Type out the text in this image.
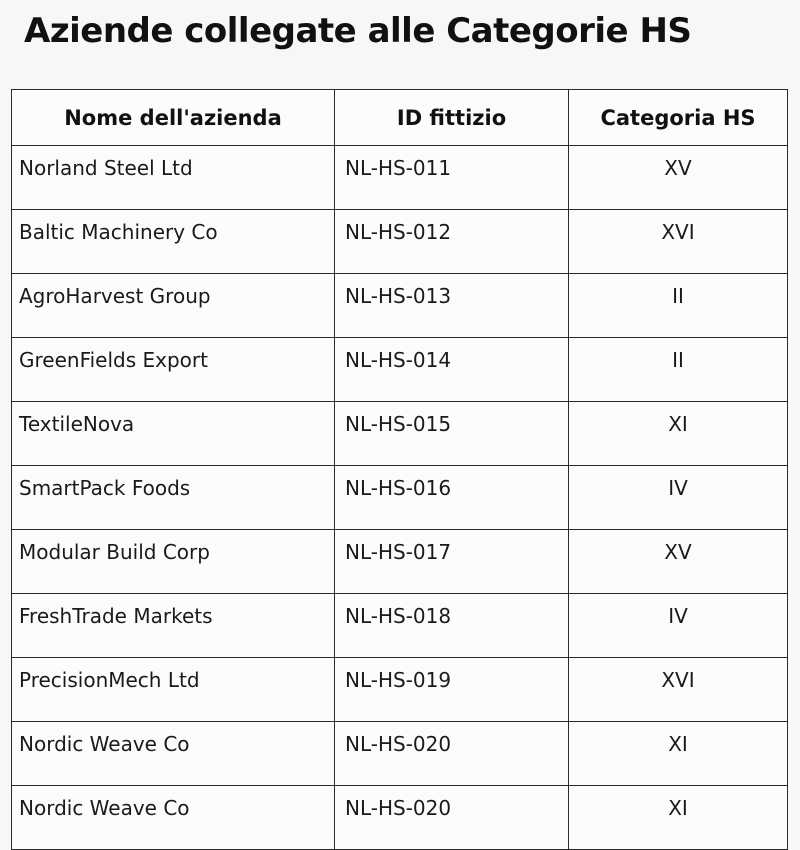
Aziende collegate alle Categorie HS
Nome dell'azienda	ID fittizio	Categoria HS
Norland Steel Ltd	NL-HS-011	XV
Baltic Machinery Co	NL-HS-012	XVI
AgroHarvest Group	NL-HS-013	II
GreenFields Export	NL-HS-014	II
TextileNova	NL-HS-015	XI
SmartPack Foods	NL-HS-016	IV
Modular Build Corp	NL-HS-017	XV
FreshTrade Markets	NL-HS-018	IV
PrecisionMech Ltd	NL-HS-019	XVI
Nordic Weave Co	NL-HS-020	XI
Nordic Weave Co	NL-HS-020	XI
